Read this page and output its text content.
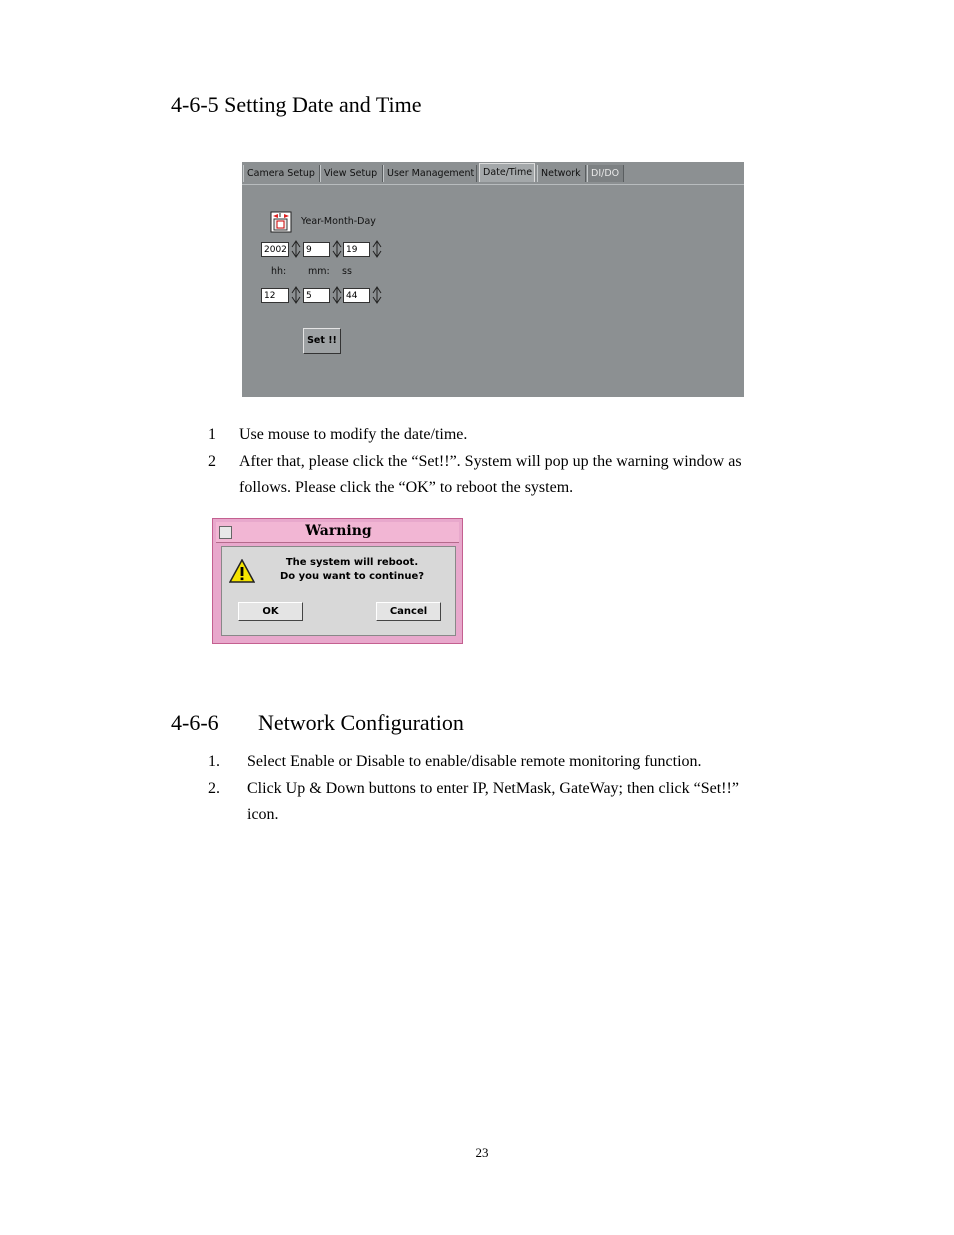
4-6-5 Setting Date and Time
Camera Setup View Setup	User Management Date/Time Network	DI/DO
Year-Month-Day
2002	9	19
hh: mm: ss
12	5	44
Set !!
1 Use mouse to modify the date/time.
2 After that, please click the “Set!!”. System will pop up the warning window as
follows. Please click the “OK” to reboot the system.
Warning
The system will reboot.
Do you want to continue?
OK	Cancel
4-6-6 Network Configuration
1. Select Enable or Disable to enable/disable remote monitoring function.
2. Click Up & Down buttons to enter IP, NetMask, GateWay; then click “Set!!”
icon.
23
